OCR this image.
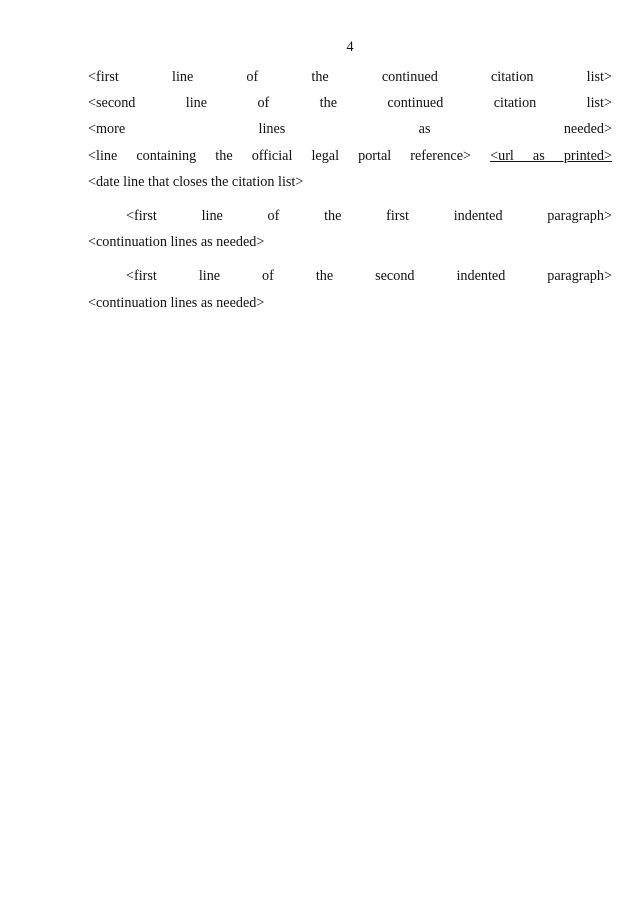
4
<first line of the continued citation list>
<second line of the continued citation list>
<more lines as needed>
<line containing the official legal portal reference> <url as printed>
<date line that closes the citation list>
<first line of the first indented paragraph>
<continuation lines as needed>
<first line of the second indented paragraph>
<continuation lines as needed>
